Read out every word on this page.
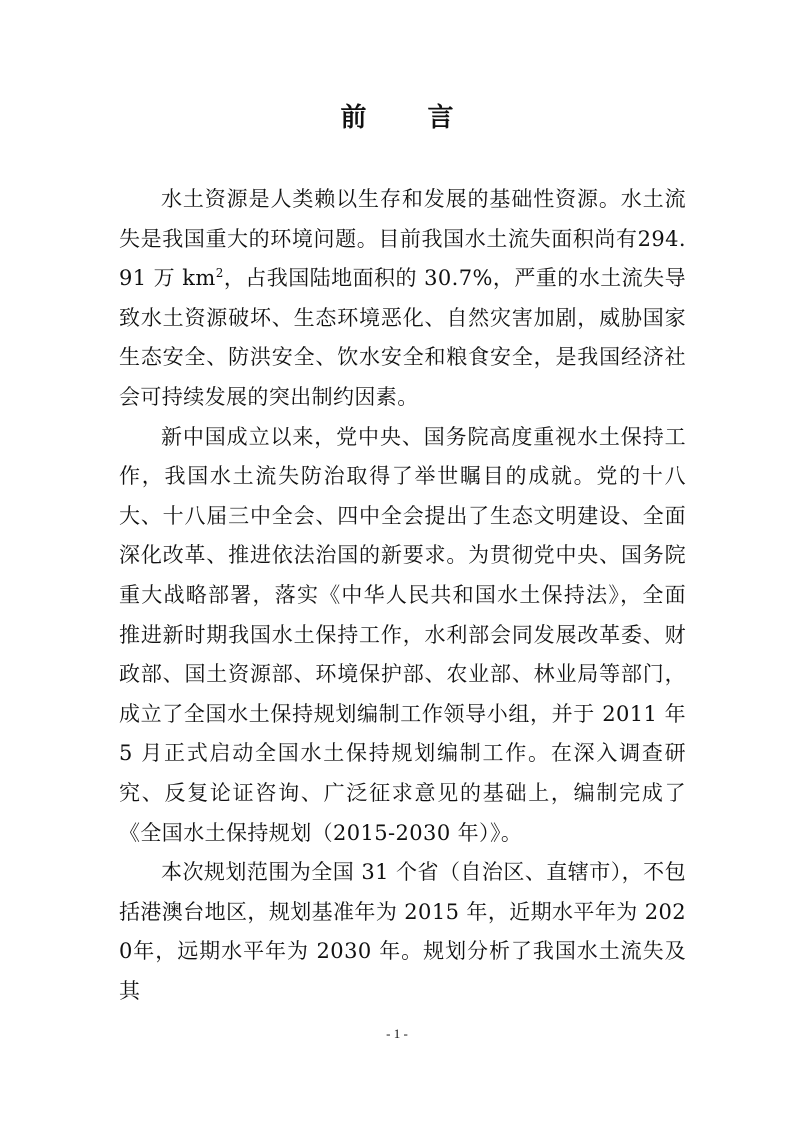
前 言

水土资源是人类赖以生存和发展的基础性资源。水土流失是我国重大的环境问题。目前我国水土流失面积尚有294.91 万 $km^2$，占我国陆地面积的 30.7%，严重的水土流失导致水土资源破坏、生态环境恶化、自然灾害加剧，威胁国家生态安全、防洪安全、饮水安全和粮食安全，是我国经济社会可持续发展的突出制约因素。

新中国成立以来，党中央、国务院高度重视水土保持工作，我国水土流失防治取得了举世瞩目的成就。党的十八大、十八届三中全会、四中全会提出了生态文明建设、全面深化改革、推进依法治国的新要求。为贯彻党中央、国务院重大战略部署，落实《中华人民共和国水土保持法》，全面推进新时期我国水土保持工作，水利部会同发展改革委、财政部、国土资源部、环境保护部、农业部、林业局等部门，成立了全国水土保持规划编制工作领导小组，并于 2011 年 5 月正式启动全国水土保持规划编制工作。在深入调查研究、反复论证咨询、广泛征求意见的基础上，编制完成了《全国水土保持规划（2015-2030 年）》。

本次规划范围为全国 31 个省（自治区、直辖市），不包括港澳台地区，规划基准年为 2015 年，近期水平年为 2020年，远期水平年为 2030 年。规划分析了我国水土流失及其

- 1 -
